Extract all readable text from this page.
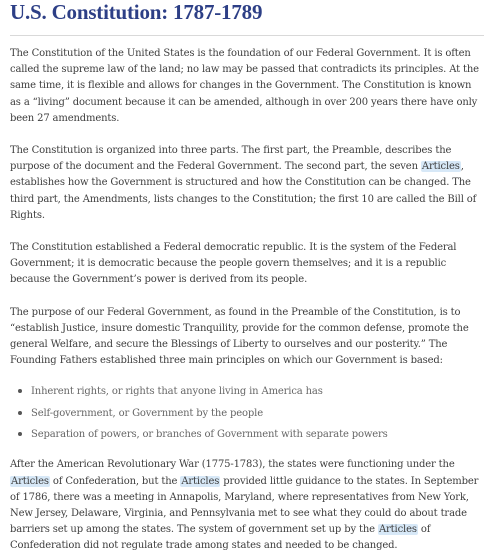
U.S. Constitution: 1787-1789

The Constitution of the United States is the foundation of our Federal Government. It is often called the supreme law of the land; no law may be passed that contradicts its principles. At the same time, it is flexible and allows for changes in the Government. The Constitution is known as a “living” document because it can be amended, although in over 200 years there have only been 27 amendments.

The Constitution is organized into three parts. The first part, the Preamble, describes the purpose of the document and the Federal Government. The second part, the seven Articles, establishes how the Government is structured and how the Constitution can be changed. The third part, the Amendments, lists changes to the Constitution; the first 10 are called the Bill of Rights.

The Constitution established a Federal democratic republic. It is the system of the Federal Government; it is democratic because the people govern themselves; and it is a republic because the Government’s power is derived from its people.

The purpose of our Federal Government, as found in the Preamble of the Constitution, is to “establish Justice, insure domestic Tranquility, provide for the common defense, promote the general Welfare, and secure the Blessings of Liberty to ourselves and our posterity.” The Founding Fathers established three main principles on which our Government is based:

Inherent rights, or rights that anyone living in America has
Self-government, or Government by the people
Separation of powers, or branches of Government with separate powers

After the American Revolutionary War (1775-1783), the states were functioning under the Articles of Confederation, but the Articles provided little guidance to the states. In September of 1786, there was a meeting in Annapolis, Maryland, where representatives from New York, New Jersey, Delaware, Virginia, and Pennsylvania met to see what they could do about trade barriers set up among the states. The system of government set up by the Articles of Confederation did not regulate trade among states and needed to be changed.
